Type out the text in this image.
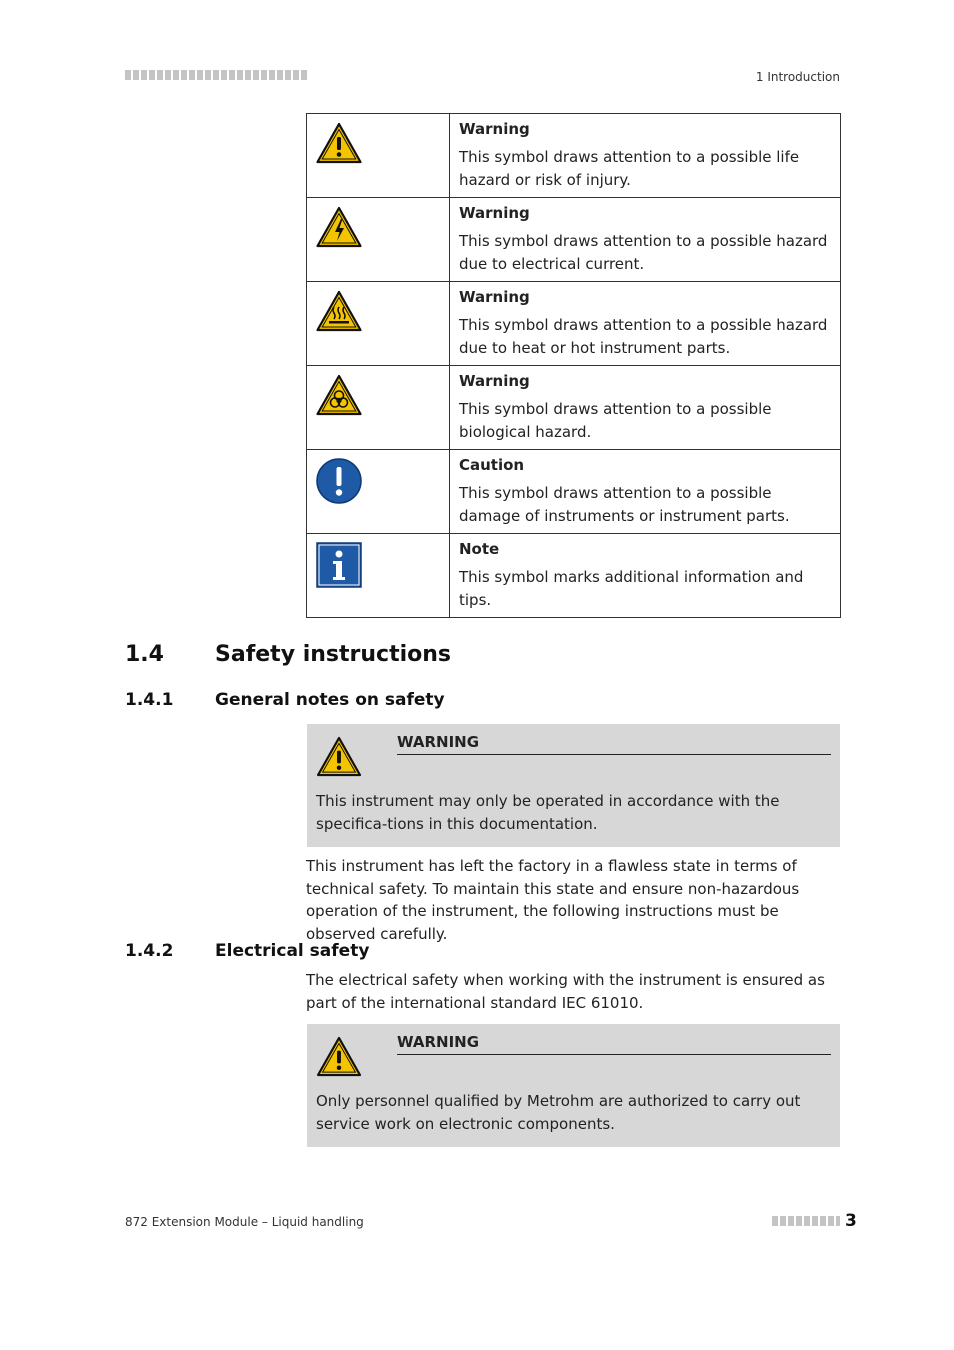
1 Introduction

Warning
This symbol draws attention to a possible life hazard or risk of injury.

Warning
This symbol draws attention to a possible hazard due to electrical current.

Warning
This symbol draws attention to a possible hazard due to heat or hot instrument parts.

Warning
This symbol draws attention to a possible biological hazard.

Caution
This symbol draws attention to a possible damage of instruments or instrument parts.

Note
This symbol marks additional information and tips.
1.4 Safety instructions
1.4.1 General notes on safety
WARNING
This instrument may only be operated in accordance with the specifica-tions in this documentation.

This instrument has left the factory in a flawless state in terms of technical safety. To maintain this state and ensure non-hazardous operation of the instrument, the following instructions must be observed carefully.

1.4.2 Electrical safety

The electrical safety when working with the instrument is ensured as part of the international standard IEC 61010.

WARNING
Only personnel qualified by Metrohm are authorized to carry out service work on electronic components.
872 Extension Module – Liquid handling	3
